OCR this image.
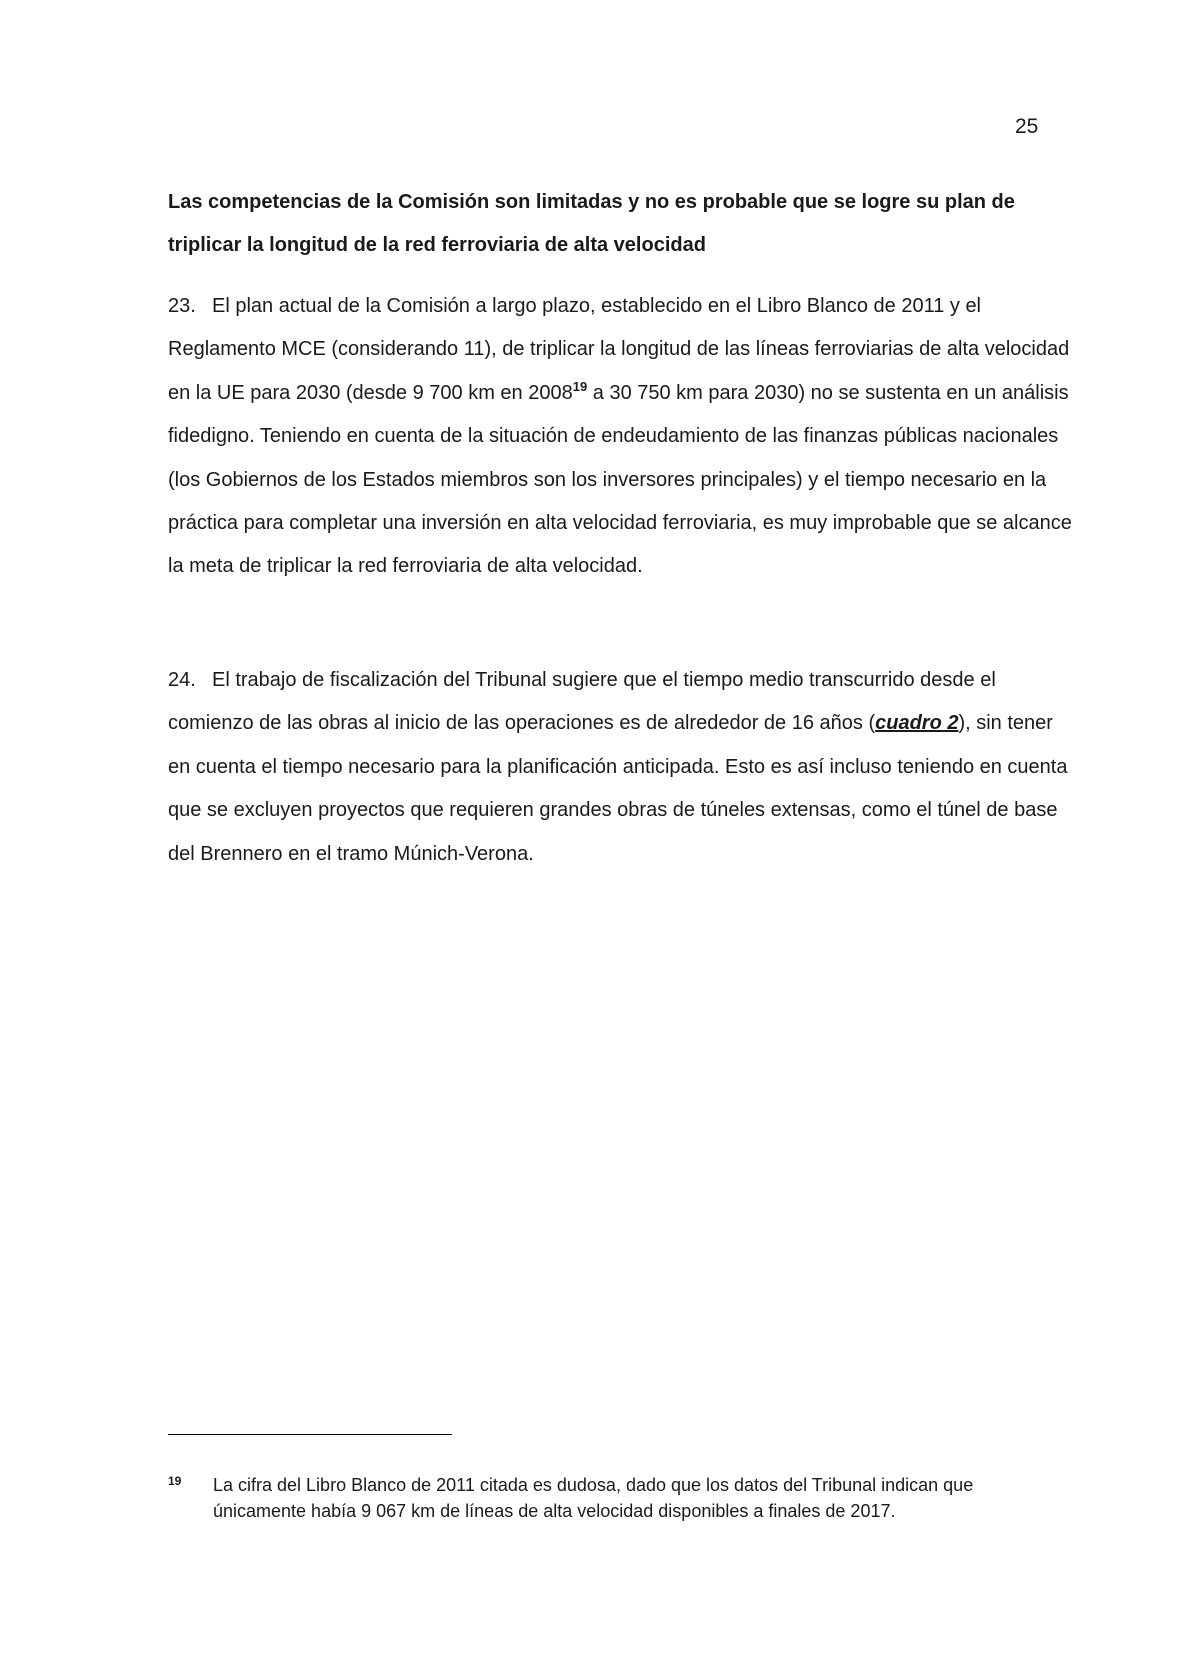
25
Las competencias de la Comisión son limitadas y no es probable que se logre su plan de triplicar la longitud de la red ferroviaria de alta velocidad
23. El plan actual de la Comisión a largo plazo, establecido en el Libro Blanco de 2011 y el Reglamento MCE (considerando 11), de triplicar la longitud de las líneas ferroviarias de alta velocidad en la UE para 2030 (desde 9 700 km en 2008$^{19}$ a 30 750 km para 2030) no se sustenta en un análisis fidedigno. Teniendo en cuenta de la situación de endeudamiento de las finanzas públicas nacionales (los Gobiernos de los Estados miembros son los inversores principales) y el tiempo necesario en la práctica para completar una inversión en alta velocidad ferroviaria, es muy improbable que se alcance la meta de triplicar la red ferroviaria de alta velocidad.
24. El trabajo de fiscalización del Tribunal sugiere que el tiempo medio transcurrido desde el comienzo de las obras al inicio de las operaciones es de alrededor de 16 años (cuadro 2), sin tener en cuenta el tiempo necesario para la planificación anticipada. Esto es así incluso teniendo en cuenta que se excluyen proyectos que requieren grandes obras de túneles extensas, como el túnel de base del Brennero en el tramo Múnich-Verona.
19 La cifra del Libro Blanco de 2011 citada es dudosa, dado que los datos del Tribunal indican que únicamente había 9 067 km de líneas de alta velocidad disponibles a finales de 2017.
